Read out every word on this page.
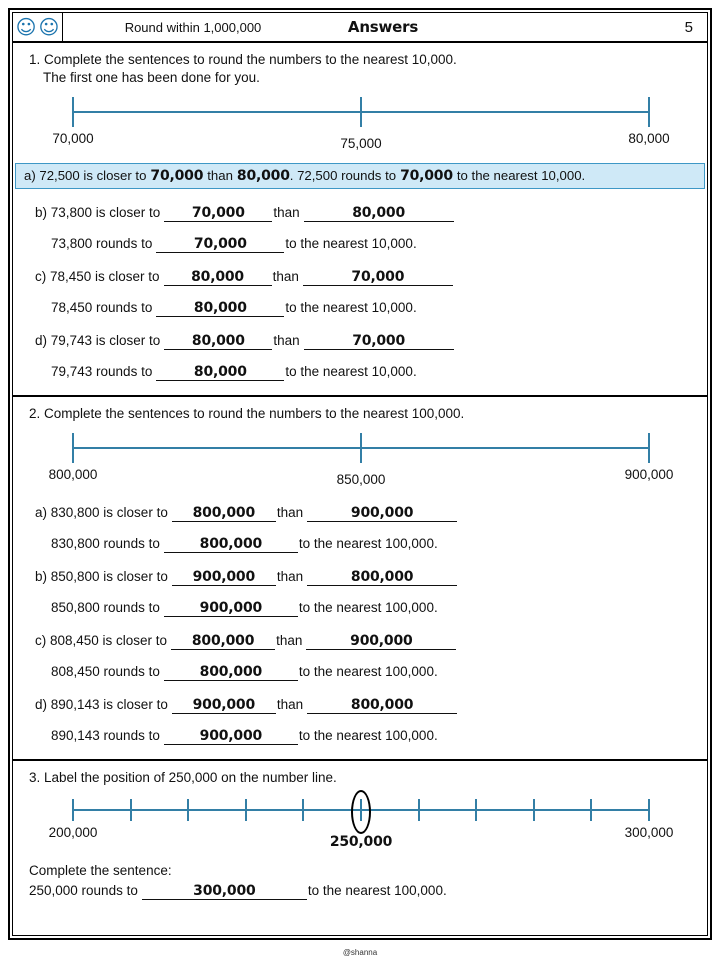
☺ ☺	Round within 1,000,000	Answers	5
1. Complete the sentences to round the numbers to the nearest 10,000.
The first one has been done for you.
70,000	75,000	80,000
a) 72,500 is closer to 70,000 than 80,000 . 72,500 rounds to 70,000 to the nearest 10,000.
b) 73,800 is closer to	70,000	than	80,000
73,800 rounds to	70,000	to the nearest 10,000.
c) 78,450 is closer to	80,000	than	70,000
78,450 rounds to	80,000	to the nearest 10,000.
d) 79,743 is closer to	80,000	than	70,000
79,743 rounds to	80,000	to the nearest 10,000.
2. Complete the sentences to round the numbers to the nearest 100,000.
800,000	850,000	900,000
a) 830,800 is closer to	800,000	than	900,000
830,800 rounds to	800,000	to the nearest 100,000.
b) 850,800 is closer to	900,000	than	800,000
850,800 rounds to	900,000	to the nearest 100,000.
c) 808,450 is closer to	800,000	than	900,000
808,450 rounds to	800,000	to the nearest 100,000.
d) 890,143 is closer to	900,000	than	800,000
890,143 rounds to	900,000	to the nearest 100,000.
3. Label the position of 250,000 on the number line.
200,000
250,000
300,000
Complete the sentence:
250,000 rounds to	300,000	to the nearest 100,000.
@shanna
